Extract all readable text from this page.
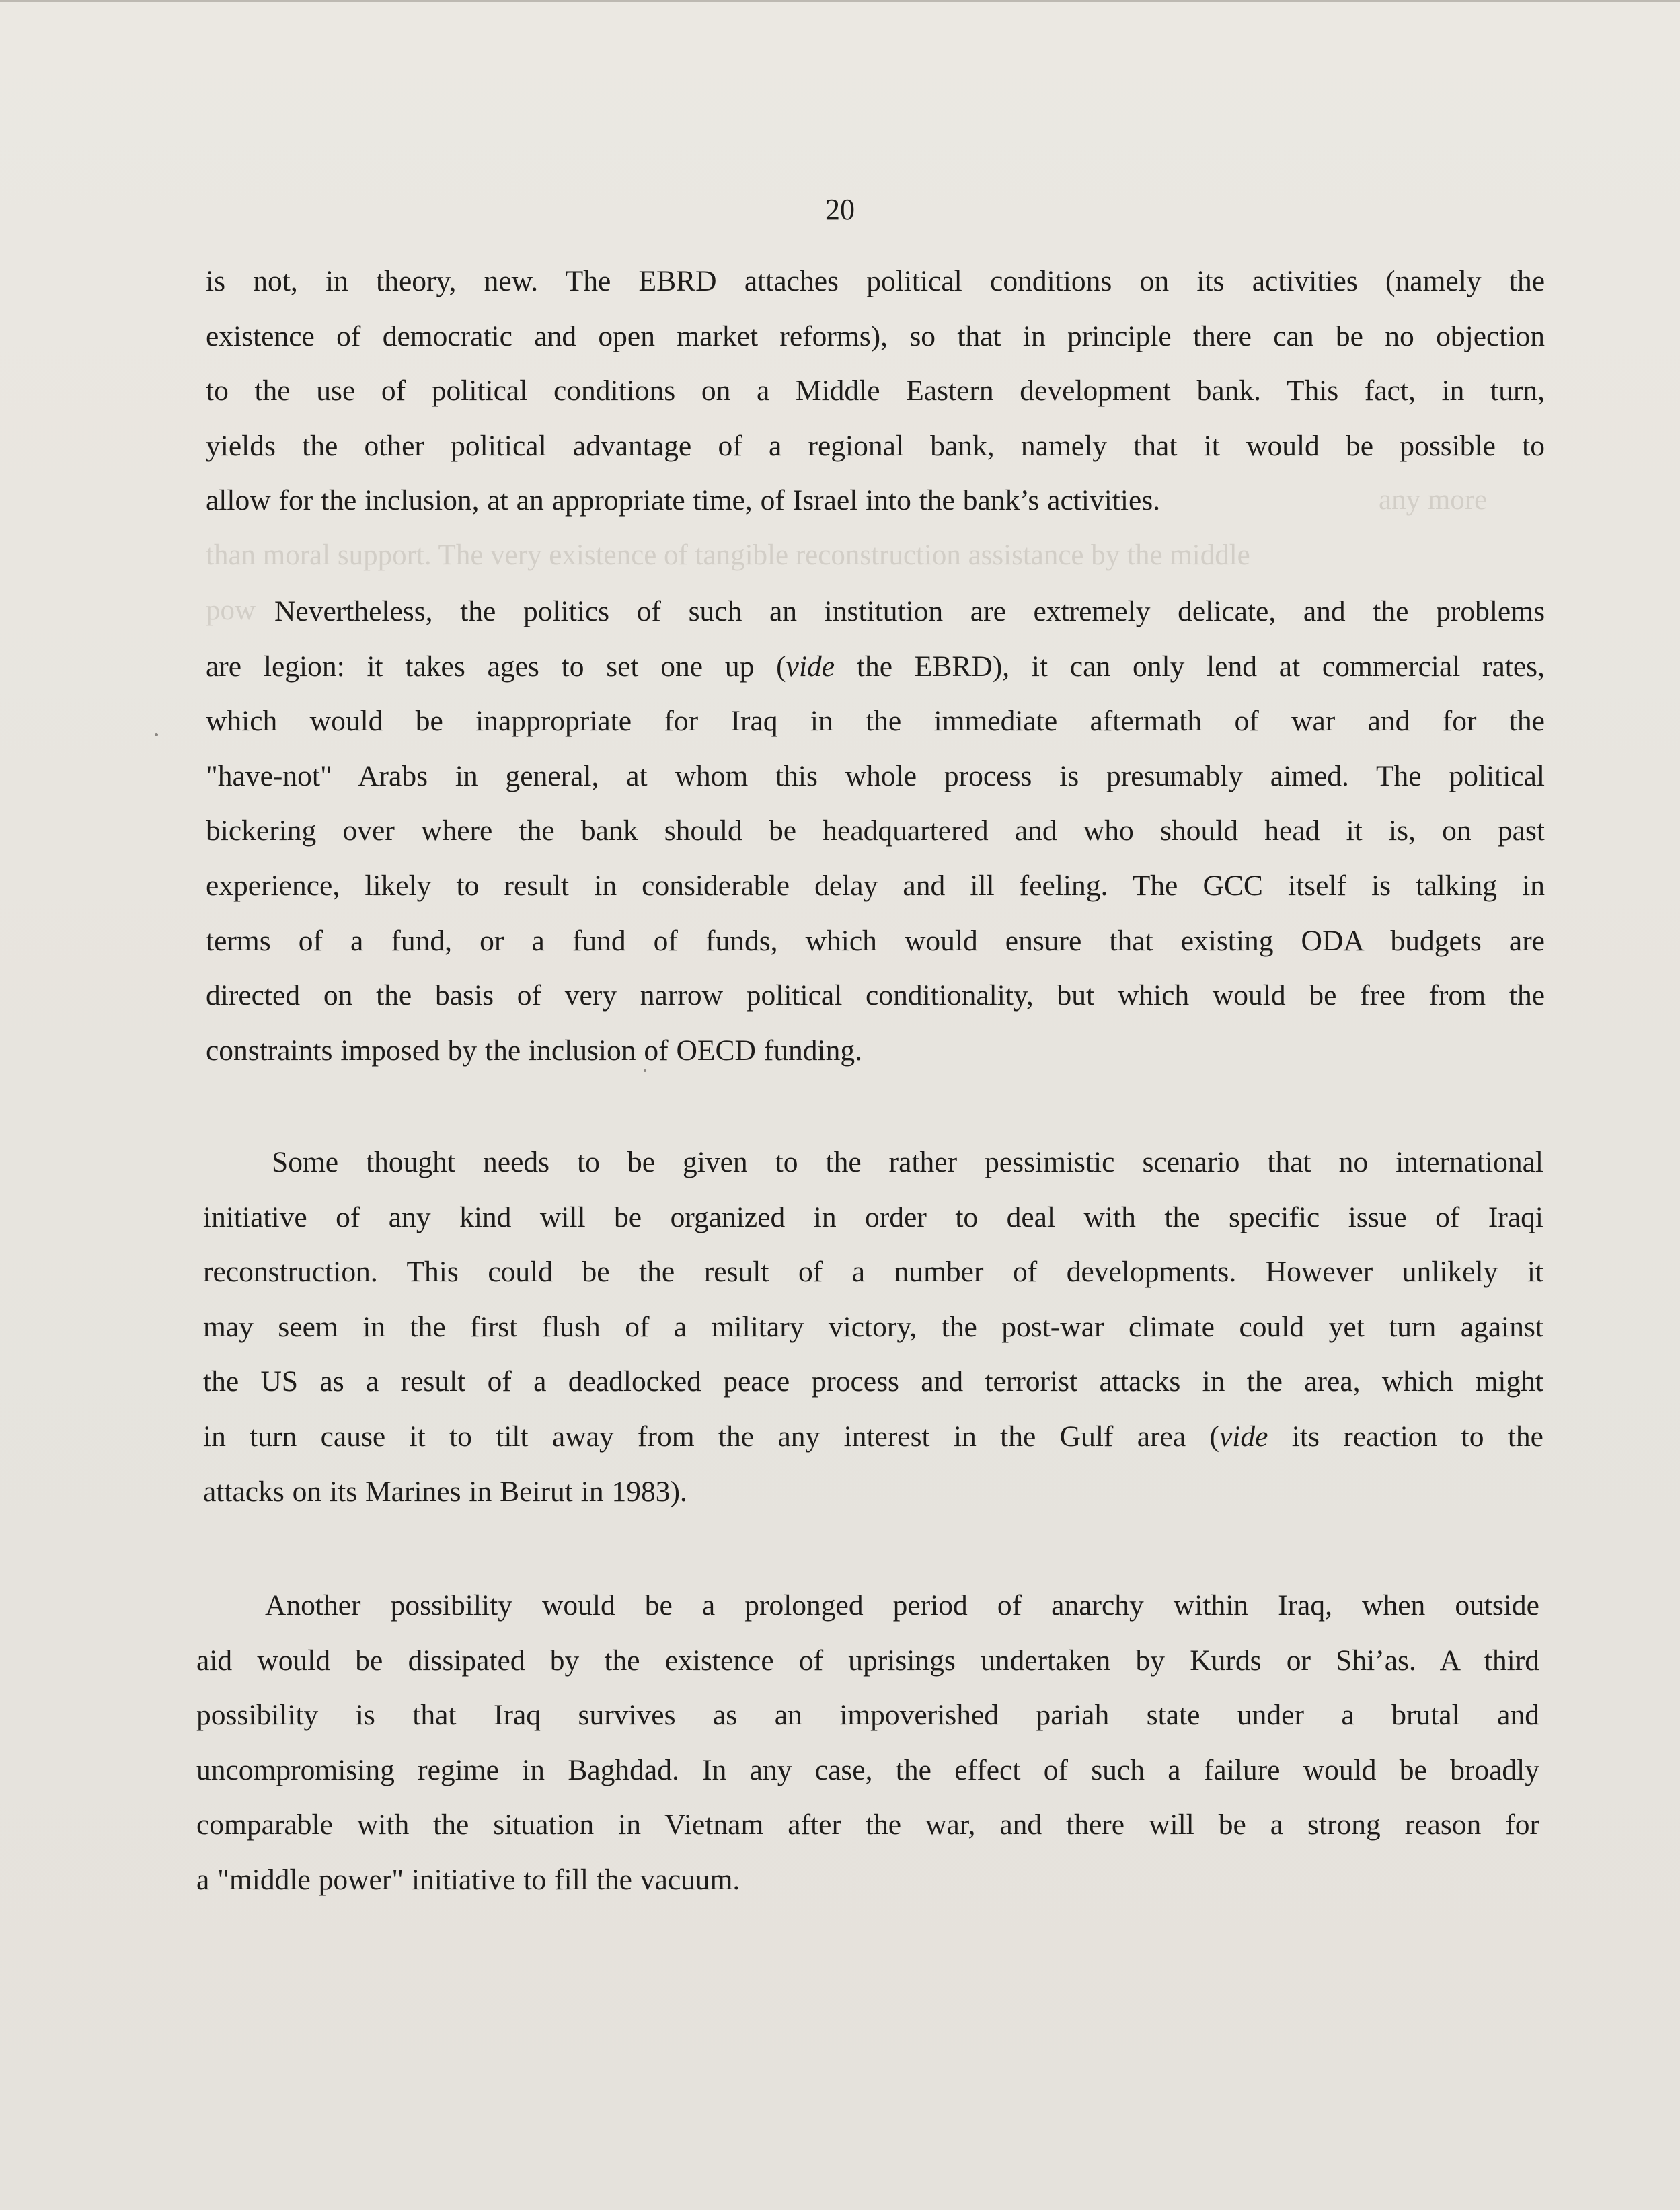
any more
than moral support. The very existence of tangible reconstruction assistance by the middle
pow
20
is not, in theory, new. The EBRD attaches political conditions on its activities (namely the
existence of democratic and open market reforms), so that in principle there can be no objection
to the use of political conditions on a Middle Eastern development bank. This fact, in turn,
yields the other political advantage of a regional bank, namely that it would be possible to
allow for the inclusion, at an appropriate time, of Israel into the bank’s activities.
Nevertheless, the politics of such an institution are extremely delicate, and the problems
are legion: it takes ages to set one up (vide the EBRD), it can only lend at commercial rates,
which would be inappropriate for Iraq in the immediate aftermath of war and for the
"have-not" Arabs in general, at whom this whole process is presumably aimed. The political
bickering over where the bank should be headquartered and who should head it is, on past
experience, likely to result in considerable delay and ill feeling. The GCC itself is talking in
terms of a fund, or a fund of funds, which would ensure that existing ODA budgets are
directed on the basis of very narrow political conditionality, but which would be free from the
constraints imposed by the inclusion of OECD funding.
Some thought needs to be given to the rather pessimistic scenario that no international
initiative of any kind will be organized in order to deal with the specific issue of Iraqi
reconstruction. This could be the result of a number of developments. However unlikely it
may seem in the first flush of a military victory, the post-war climate could yet turn against
the US as a result of a deadlocked peace process and terrorist attacks in the area, which might
in turn cause it to tilt away from the any interest in the Gulf area (vide its reaction to the
attacks on its Marines in Beirut in 1983).
Another possibility would be a prolonged period of anarchy within Iraq, when outside
aid would be dissipated by the existence of uprisings undertaken by Kurds or Shi’as. A third
possibility is that Iraq survives as an impoverished pariah state under a brutal and
uncompromising regime in Baghdad. In any case, the effect of such a failure would be broadly
comparable with the situation in Vietnam after the war, and there will be a strong reason for
a "middle power" initiative to fill the vacuum.
